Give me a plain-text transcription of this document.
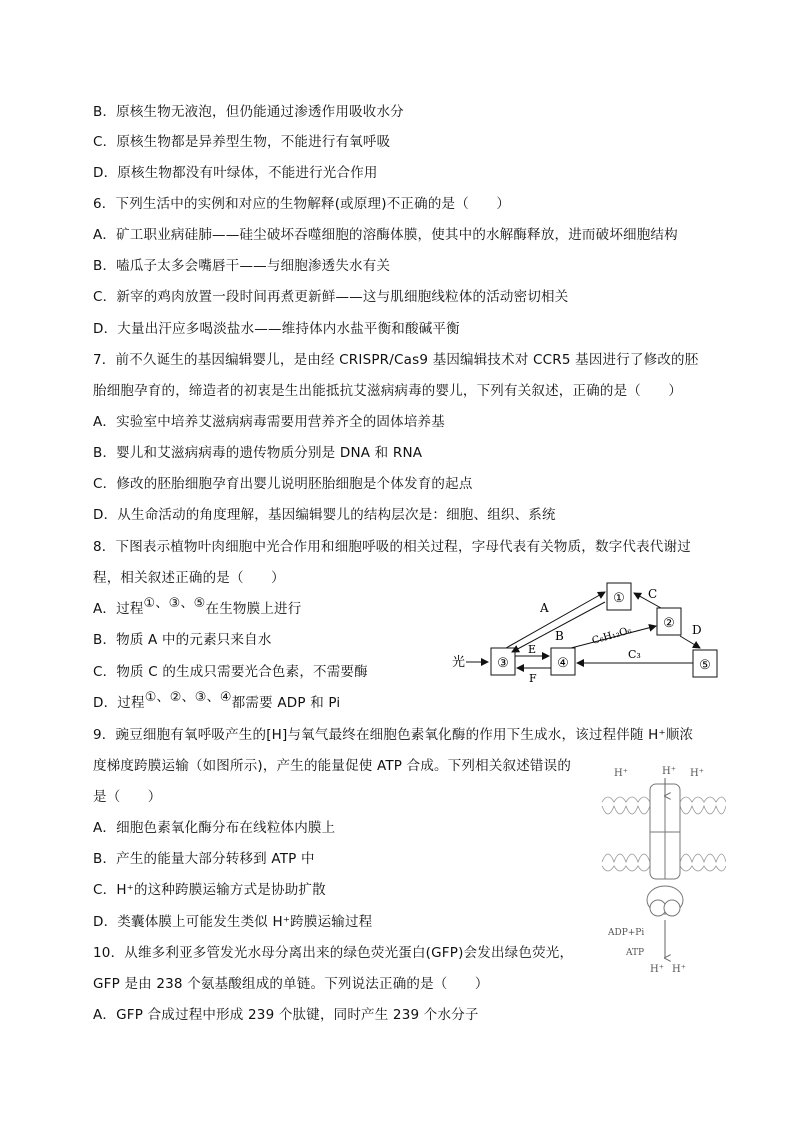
B．原核生物无液泡，但仍能通过渗透作用吸收水分
C．原核生物都是异养型生物，不能进行有氧呼吸
D．原核生物都没有叶绿体，不能进行光合作用
6．下列生活中的实例和对应的生物解释(或原理)不正确的是（　　）
A．矿工职业病硅肺——硅尘破坏吞噬细胞的溶酶体膜，使其中的水解酶释放，进而破坏细胞结构
B．嗑瓜子太多会嘴唇干——与细胞渗透失水有关
C．新宰的鸡肉放置一段时间再煮更新鲜——这与肌细胞线粒体的活动密切相关
D．大量出汗应多喝淡盐水——维持体内水盐平衡和酸碱平衡
7．前不久诞生的基因编辑婴儿，是由经 CRISPR/Cas9 基因编辑技术对 CCR5 基因进行了修改的胚
胎细胞孕育的，缔造者的初衷是生出能抵抗艾滋病病毒的婴儿，下列有关叙述，正确的是（　　）
A．实验室中培养艾滋病病毒需要用营养齐全的固体培养基
B．婴儿和艾滋病病毒的遗传物质分别是 DNA 和 RNA
C．修改的胚胎细胞孕育出婴儿说明胚胎细胞是个体发育的起点
D．从生命活动的角度理解，基因编辑婴儿的结构层次是：细胞、组织、系统
8．下图表示植物叶肉细胞中光合作用和细胞呼吸的相关过程，字母代表有关物质，数字代表代谢过
程，相关叙述正确的是（　　）
A．过程①、③、⑤在生物膜上进行
B．物质 A 中的元素只来自水
C．物质 C 的生成只需要光合色素，不需要酶
D．过程①、②、③、④都需要 ADP 和 Pi
光 ③	④
①
②
⑤
A
B
C
D
C₆H₁₂O₆
E
F
C₃
9．豌豆细胞有氧呼吸产生的[H]与氧气最终在细胞色素氧化酶的作用下生成水，该过程伴随 H⁺顺浓
度梯度跨膜运输（如图所示)，产生的能量促使 ATP 合成。下列相关叙述错误的
是（　　）
A．细胞色素氧化酶分布在线粒体内膜上
B．产生的能量大部分转移到 ATP 中
C．H⁺的这种跨膜运输方式是协助扩散
D．类囊体膜上可能发生类似 H⁺跨膜运输过程
H⁺	H⁺ H⁺
ADP+Pi
ATP
H⁺ H⁺
10．从维多利亚多管发光水母分离出来的绿色荧光蛋白(GFP)会发出绿色荧光，
GFP 是由 238 个氨基酸组成的单链。下列说法正确的是（　　）
A．GFP 合成过程中形成 239 个肽键，同时产生 239 个水分子
